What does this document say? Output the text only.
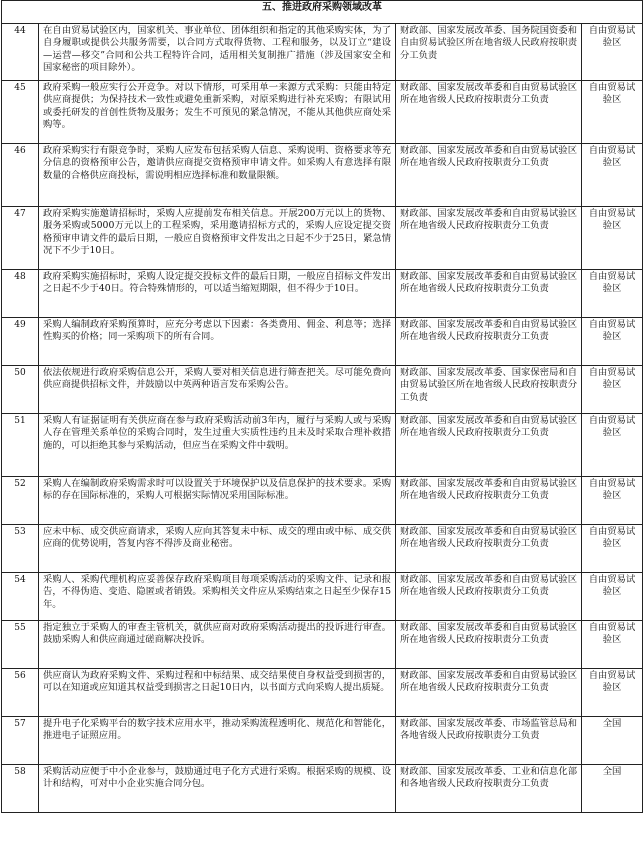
五、推进政府采购领域改革			
44	在自由贸易试验区内，国家机关、事业单位、团体组织和指定的其他采购实体，为了自身履职或提供公共服务需要，以合同方式取得货物、工程和服务，以及订立“建设—运营—移交”合同和公共工程特许合同，适用相关复制推广措施（涉及国家安全和国家秘密的项目除外）。	财政部、国家发展改革委、国务院国资委和自由贸易试验区所在地省级人民政府按职责分工负责	自由贸易试验区
45	政府采购一般应实行公开竞争。对以下情形，可采用单一来源方式采购：只能由特定供应商提供；为保持技术一致性或避免重新采购，对原采购进行补充采购；有限试用或委托研发的首创性货物及服务；发生不可预见的紧急情况，不能从其他供应商处采购等。	财政部、国家发展改革委和自由贸易试验区所在地省级人民政府按职责分工负责	自由贸易试验区
46	政府采购实行有限竞争时，采购人应发布包括采购人信息、采购说明、资格要求等充分信息的资格预审公告，邀请供应商提交资格预审申请文件。如采购人有意选择有限数量的合格供应商投标，需说明相应选择标准和数量限额。	财政部、国家发展改革委和自由贸易试验区所在地省级人民政府按职责分工负责	自由贸易试验区
47	政府采购实施邀请招标时，采购人应提前发布相关信息。开展200万元以上的货物、服务采购或5000万元以上的工程采购，采用邀请招标方式的，采购人应设定提交资格预审申请文件的最后日期，一般应自资格预审文件发出之日起不少于25日，紧急情况下不少于10日。	财政部、国家发展改革委和自由贸易试验区所在地省级人民政府按职责分工负责	自由贸易试验区
48	政府采购实施招标时，采购人设定提交投标文件的最后日期，一般应自招标文件发出之日起不少于40日。符合特殊情形的，可以适当缩短期限，但不得少于10日。	财政部、国家发展改革委和自由贸易试验区所在地省级人民政府按职责分工负责	自由贸易试验区
49	采购人编制政府采购预算时，应充分考虑以下因素：各类费用、佣金、利息等；选择性购买的价格；同一采购项下的所有合同。	财政部、国家发展改革委和自由贸易试验区所在地省级人民政府按职责分工负责	自由贸易试验区
50	依法依规进行政府采购信息公开，采购人要对相关信息进行筛查把关。尽可能免费向供应商提供招标文件，并鼓励以中英两种语言发布采购公告。	财政部、国家发展改革委、国家保密局和自由贸易试验区所在地省级人民政府按职责分工负责	自由贸易试验区
51	采购人有证据证明有关供应商在参与政府采购活动前3年内，履行与采购人或与采购人存在管理关系单位的采购合同时，发生过重大实质性违约且未及时采取合理补救措施的，可以拒绝其参与采购活动，但应当在采购文件中载明。	财政部、国家发展改革委和自由贸易试验区所在地省级人民政府按职责分工负责	自由贸易试验区
52	采购人在编制政府采购需求时可以设置关于环境保护以及信息保护的技术要求。采购标的存在国际标准的，采购人可根据实际情况采用国际标准。	财政部、国家发展改革委和自由贸易试验区所在地省级人民政府按职责分工负责	自由贸易试验区
53	应未中标、成交供应商请求，采购人应向其答复未中标、成交的理由或中标、成交供应商的优势说明，答复内容不得涉及商业秘密。	财政部、国家发展改革委和自由贸易试验区所在地省级人民政府按职责分工负责	自由贸易试验区
54	采购人、采购代理机构应妥善保存政府采购项目每项采购活动的采购文件、记录和报告，不得伪造、变造、隐匿或者销毁。采购相关文件应从采购结束之日起至少保存15年。	财政部、国家发展改革委和自由贸易试验区所在地省级人民政府按职责分工负责	自由贸易试验区
55	指定独立于采购人的审查主管机关，就供应商对政府采购活动提出的投诉进行审查。鼓励采购人和供应商通过磋商解决投诉。	财政部、国家发展改革委和自由贸易试验区所在地省级人民政府按职责分工负责	自由贸易试验区
56	供应商认为政府采购文件、采购过程和中标结果、成交结果使自身权益受到损害的，可以在知道或应知道其权益受到损害之日起10日内，以书面方式向采购人提出质疑。	财政部、国家发展改革委和自由贸易试验区所在地省级人民政府按职责分工负责	自由贸易试验区
57	提升电子化采购平台的数字技术应用水平，推动采购流程透明化、规范化和智能化，推进电子证照应用。	财政部、国家发展改革委、市场监管总局和各地省级人民政府按职责分工负责	全国
58	采购活动应便于中小企业参与，鼓励通过电子化方式进行采购。根据采购的规模、设计和结构，可对中小企业实施合同分包。	财政部、国家发展改革委、工业和信息化部和各地省级人民政府按职责分工负责	全国
